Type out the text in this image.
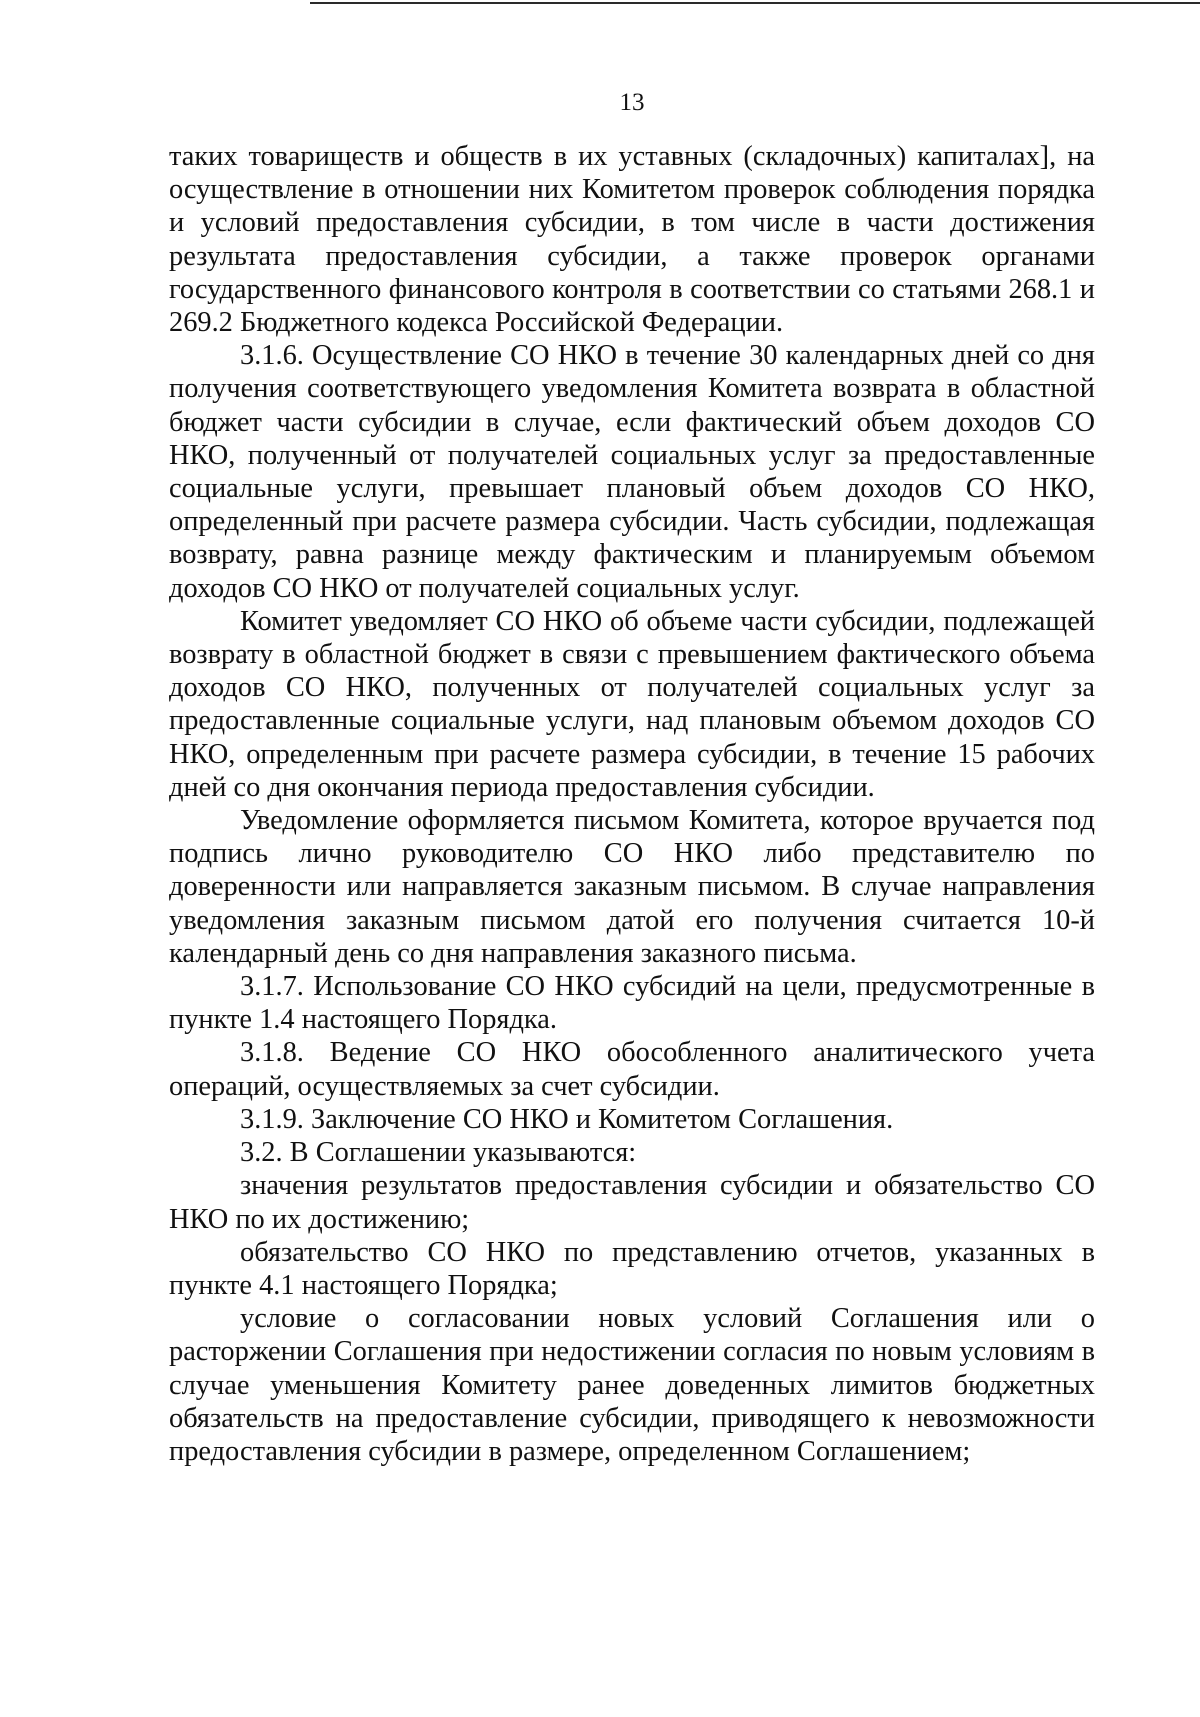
13

таких товариществ и обществ в их уставных (складочных) капиталах], на осуществление в отношении них Комитетом проверок соблюдения порядка и условий предоставления субсидии, в том числе в части достижения результата предоставления субсидии, а также проверок органами государственного финансового контроля в соответствии со статьями 268.1 и 269.2 Бюджетного кодекса Российской Федерации.

3.1.6. Осуществление СО НКО в течение 30 календарных дней со дня получения соответствующего уведомления Комитета возврата в областной бюджет части субсидии в случае, если фактический объем доходов СО НКО, полученный от получателей социальных услуг за предоставленные социальные услуги, превышает плановый объем доходов СО НКО, определенный при расчете размера субсидии. Часть субсидии, подлежащая возврату, равна разнице между фактическим и планируемым объемом доходов СО НКО от получателей социальных услуг.

Комитет уведомляет СО НКО об объеме части субсидии, подлежащей возврату в областной бюджет в связи с превышением фактического объема доходов СО НКО, полученных от получателей социальных услуг за предоставленные социальные услуги, над плановым объемом доходов СО НКО, определенным при расчете размера субсидии, в течение 15 рабочих дней со дня окончания периода предоставления субсидии.

Уведомление оформляется письмом Комитета, которое вручается под подпись лично руководителю СО НКО либо представителю по доверенности или направляется заказным письмом. В случае направления уведомления заказным письмом датой его получения считается 10-й календарный день со дня направления заказного письма.

3.1.7. Использование СО НКО субсидий на цели, предусмотренные в пункте 1.4 настоящего Порядка.

3.1.8. Ведение СО НКО обособленного аналитического учета операций, осуществляемых за счет субсидии.

3.1.9. Заключение СО НКО и Комитетом Соглашения.

3.2. В Соглашении указываются:

значения результатов предоставления субсидии и обязательство СО НКО по их достижению;

обязательство СО НКО по представлению отчетов, указанных в пункте 4.1 настоящего Порядка;

условие о согласовании новых условий Соглашения или о расторжении Соглашения при недостижении согласия по новым условиям в случае уменьшения Комитету ранее доведенных лимитов бюджетных обязательств на предоставление субсидии, приводящего к невозможности предоставления субсидии в размере, определенном Соглашением;
